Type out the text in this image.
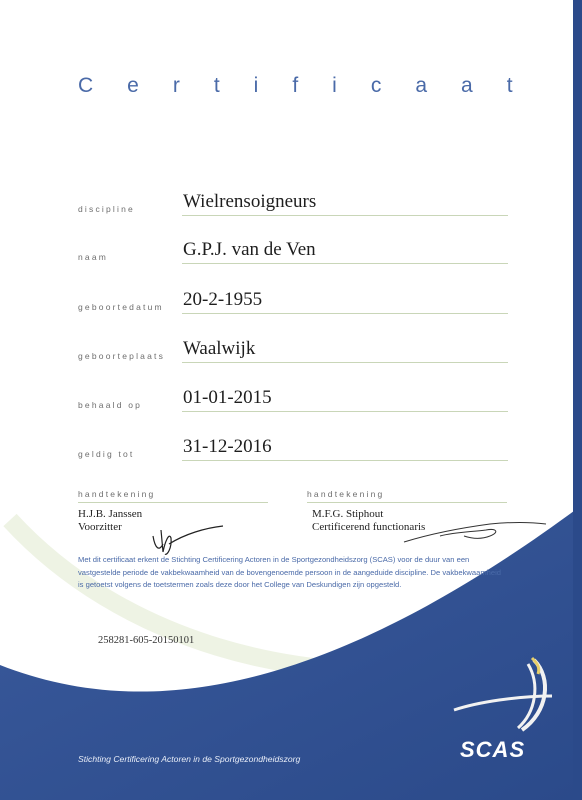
Certificaat
discipline	Wielrensoigneurs
naam	G.P.J. van de Ven
geboortedatum 20-2-1955
geboorteplaats Waalwijk
behaald op 01-01-2015
geldig tot	31-12-2016
handtekening
H.J.B. Janssen
Voorzitter
handtekening
M.F.G. Stiphout
Certificerend functionaris
Met dit certificaat erkent de Stichting Certificering Actoren in de Sportgezondheidszorg (SCAS) voor de duur van een vastgestelde periode de vakbekwaamheid van de bovengenoemde persoon in de aangeduide discipline. De vakbekwaamheid is getoetst volgens de toetstermen zoals deze door het College van Deskundigen zijn opgesteld.
258281-605-20150101
SCAS
Stichting Certificering Actoren in de Sportgezondheidszorg
